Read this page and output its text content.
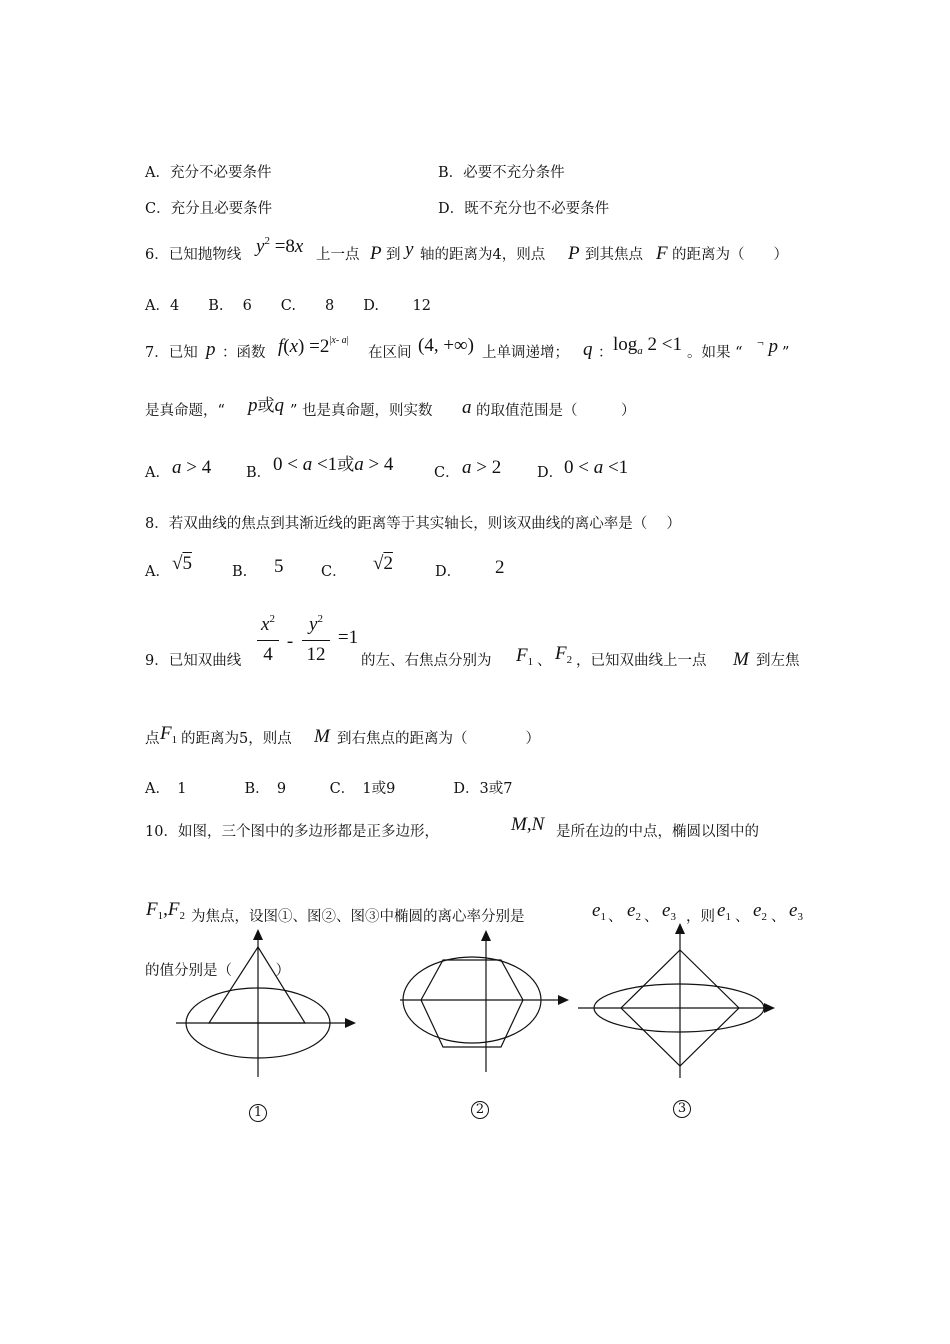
A．充分不必要条件	B．必要不充分条件
C．充分且必要条件	D．既不充分也不必要条件
6．已知抛物线 $y^2 =8x$ 上一点 P 到 y 轴的距离为4，则点 P 到其焦点 F 的距离为（　　）
A．4　　B.　 6　　C.　　8　　D.　　 12
7．已知 p ：函数 $f(x) =2^{|x- a|}$
在区间 (4, +∞) 上单调递增； q ： $\log_a 2 <1$ 。如果 “
¬ p ”
是真命题，“ p或q ” 也是真命题，则实数 a 的取值范围是（　　　）
A． a > 4 B． 0 < a <1或a > 4	C． a > 2 D． 0 < a <1
8．若双曲线的焦点到其渐近线的距离等于其实轴长，则该双曲线的离心率是（　 ）
A． √5	B. 5	C． √2	D． 2
9．已知双曲线
$x^2$
4
-
$y^2$
12
=1
的左、右焦点分别为 $F_1$ 、 $F_2$ ，已知双曲线上一点 M 到左焦
点 $F_1$ 的距离为5，则点 M 到右焦点的距离为（　　　　）
A．　1　　　　B．　9　　　C．　1或9　　　　D．3或7
10．如图，三个图中的多边形都是正多边形，	M,N 是所在边的中点，椭圆以图中的
$F_1,F_2$ 为焦点，设图①、图②、图③中椭圆的离心率分别是	$e_1$ 、 $e_2$ 、 $e_3$ ，则 $e_1$ 、 $e_2$ 、 $e_3$
的值分别是（　　　）
1	2	3
